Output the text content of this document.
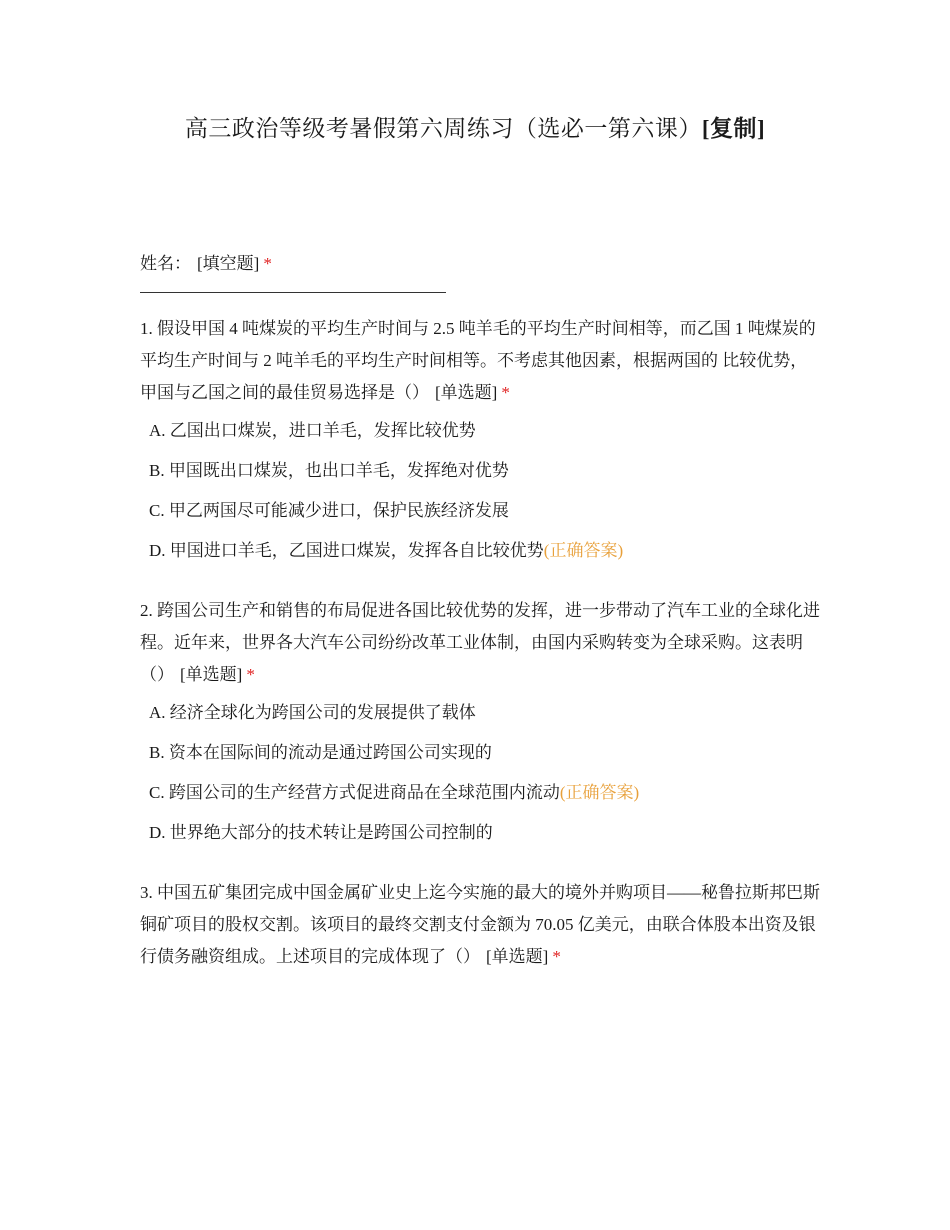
高三政治等级考暑假第六周练习（选必一第六课）[复制]
姓名： [填空题] *
1. 假设甲国 4 吨煤炭的平均生产时间与 2.5 吨羊毛的平均生产时间相等，而乙国 1 吨煤炭的平均生产时间与 2 吨羊毛的平均生产时间相等。不考虑其他因素，根据两国的 比较优势，甲国与乙国之间的最佳贸易选择是（） [单选题] *
A. 乙国出口煤炭，进口羊毛，发挥比较优势
B. 甲国既出口煤炭，也出口羊毛，发挥绝对优势
C. 甲乙两国尽可能减少进口，保护民族经济发展
D. 甲国进口羊毛，乙国进口煤炭，发挥各自比较优势(正确答案)
2. 跨国公司生产和销售的布局促进各国比较优势的发挥，进一步带动了汽车工业的全球化进程。近年来，世界各大汽车公司纷纷改革工业体制，由国内采购转变为全球采购。这表明（） [单选题] *
A. 经济全球化为跨国公司的发展提供了载体
B. 资本在国际间的流动是通过跨国公司实现的
C. 跨国公司的生产经营方式促进商品在全球范围内流动(正确答案)
D. 世界绝大部分的技术转让是跨国公司控制的
3. 中国五矿集团完成中国金属矿业史上迄今实施的最大的境外并购项目——秘鲁拉斯邦巴斯铜矿项目的股权交割。该项目的最终交割支付金额为 70.05 亿美元，由联合体股本出资及银行债务融资组成。上述项目的完成体现了（） [单选题] *
